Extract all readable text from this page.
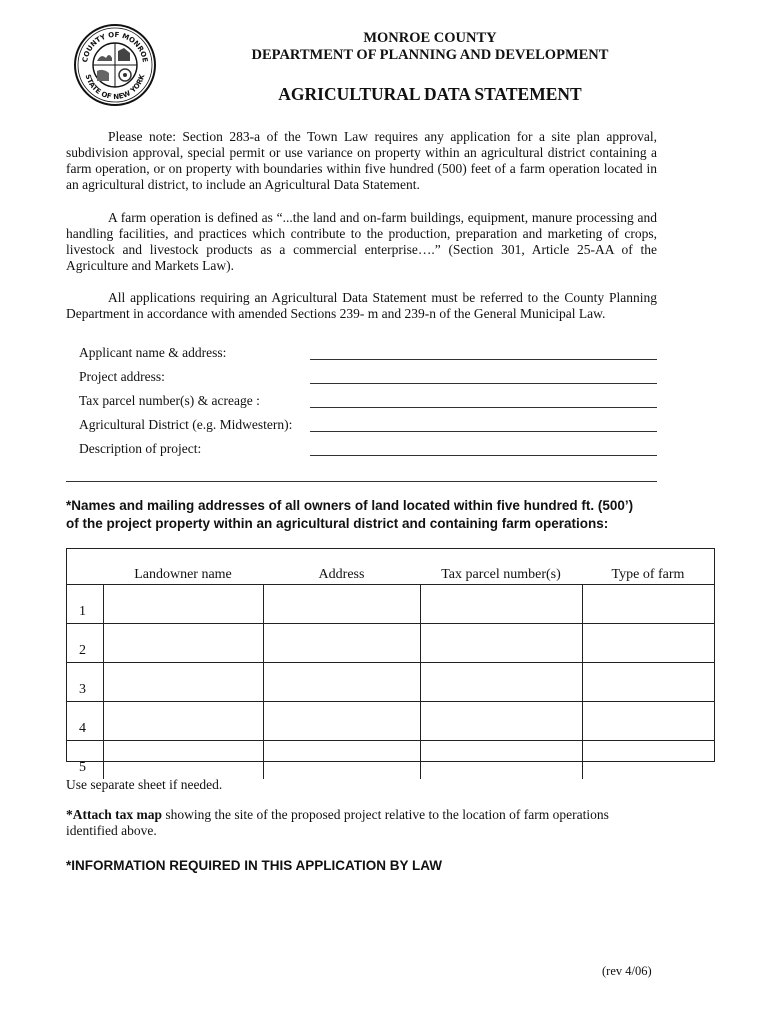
COUNTY OF MONROE
STATE OF NEW YORK
MONROE COUNTY
DEPARTMENT OF PLANNING AND DEVELOPMENT
AGRICULTURAL DATA STATEMENT

Please note: Section 283-a of the Town Law requires any application for a site plan approval, subdivision approval, special permit or use variance on property within an agricultural district containing a farm operation, or on property with boundaries within five hundred (500) feet of a farm operation located in an agricultural district, to include an Agricultural Data Statement.

A farm operation is defined as “...the land and on-farm buildings, equipment, manure processing and handling facilities, and practices which contribute to the production, preparation and marketing of crops, livestock and livestock products as a commercial enterprise….” (Section 301, Article 25-AA of the Agriculture and Markets Law).

All applications requiring an Agricultural Data Statement must be referred to the County Planning Department in accordance with amended Sections 239- m and 239-n of the General Municipal Law.

Applicant name & address:
Project address:
Tax parcel number(s) & acreage :
Agricultural District (e.g. Midwestern):
Description of project:
*Names and mailing addresses of all owners of land located within five hundred ft. (500’)
of the project property within an agricultural district and containing farm operations:
	Landowner name	Address	Tax parcel number(s)	Type of farm
1				
2				
3				
4				
5				
Use separate sheet if needed.

*Attach tax map showing the site of the proposed project relative to the location of farm operations identified above.

*INFORMATION REQUIRED IN THIS APPLICATION BY LAW
(rev 4/06)
